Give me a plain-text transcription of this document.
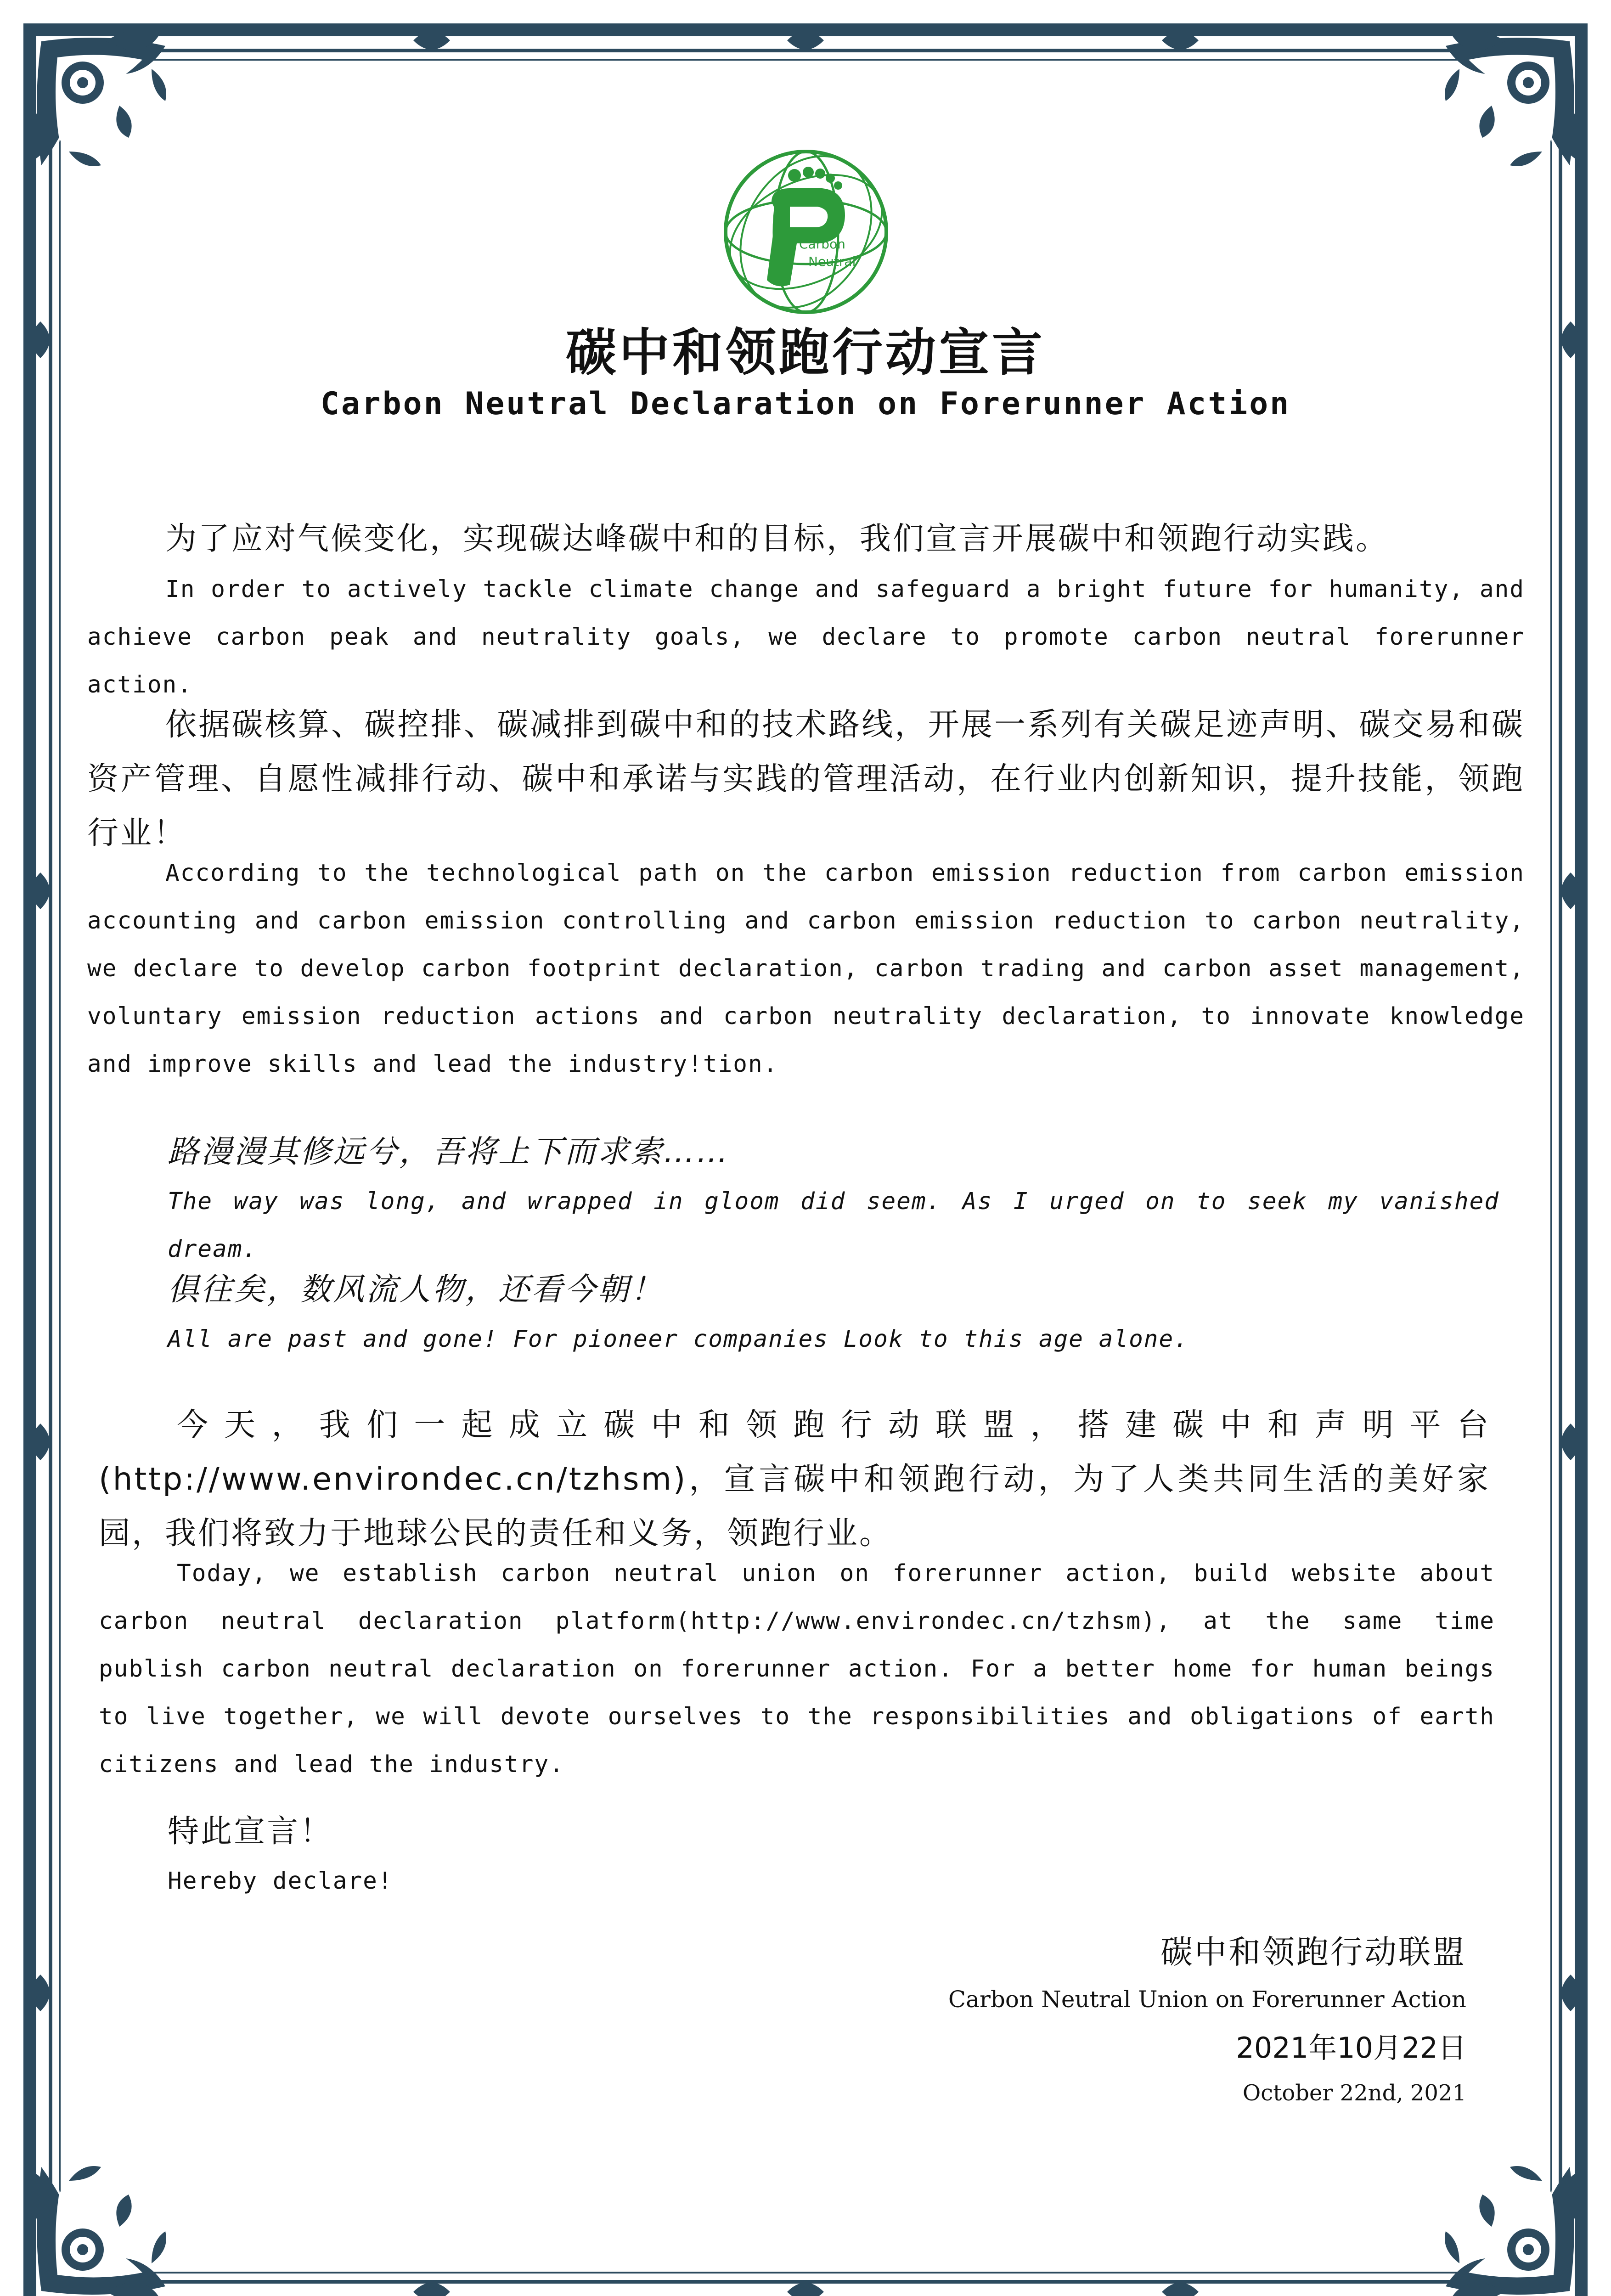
Carbon
Neutral
碳中和领跑行动宣言
Carbon Neutral Declaration on Forerunner Action
为了应对气候变化，实现碳达峰碳中和的目标，我们宣言开展碳中和领跑行动实践。
In order to actively tackle climate change and safeguard a bright future for humanity, and achieve carbon peak and neutrality goals, we declare to promote carbon neutral forerunner action.
依据碳核算、碳控排、碳减排到碳中和的技术路线，开展一系列有关碳足迹声明、碳交易和碳资产管理、自愿性减排行动、碳中和承诺与实践的管理活动，在行业内创新知识，提升技能，领跑行业！
According to the technological path on the carbon emission reduction from carbon emission accounting and carbon emission controlling and carbon emission reduction to carbon neutrality, we declare to develop carbon footprint declaration, carbon trading and carbon asset management, voluntary emission reduction actions and carbon neutrality declaration, to innovate knowledge and improve skills and lead the industry!tion.
路漫漫其修远兮，吾将上下而求索……
The way was long, and wrapped in gloom did seem. As I urged on to seek my vanished dream.
俱往矣，数风流人物，还看今朝！
All are past and gone! For pioneer companies Look to this age alone.
今天，我们一起成立碳中和领跑行动联盟，搭建碳中和声明平台(http://www.environdec.cn/tzhsm)，宣言碳中和领跑行动，为了人类共同生活的美好家园，我们将致力于地球公民的责任和义务，领跑行业。
Today, we establish carbon neutral union on forerunner action, build website about carbon neutral declaration platform(http://www.environdec.cn/tzhsm), at the same time publish carbon neutral declaration on forerunner action. For a better home for human beings to live together, we will devote ourselves to the responsibilities and obligations of earth citizens and lead the industry.
特此宣言！
Hereby declare!
碳中和领跑行动联盟
Carbon Neutral Union on Forerunner Action
2021年10月22日
October 22nd, 2021
